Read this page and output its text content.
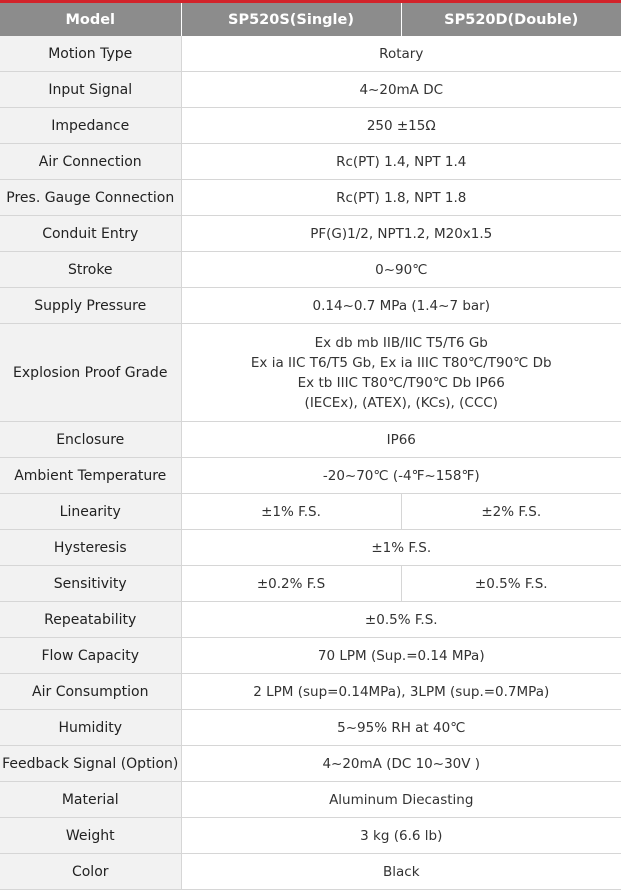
Model	SP520S(Single)	SP520D(Double)
Motion Type	Rotary	
Input Signal	4~20mA DC	
Impedance	250 ±15Ω	
Air Connection	Rc(PT) 1.4, NPT 1.4	
Pres. Gauge Connection	Rc(PT) 1.8, NPT 1.8	
Conduit Entry	PF(G)1/2, NPT1.2, M20x1.5	
Stroke	0~90℃	
Supply Pressure	0.14~0.7 MPa (1.4~7 bar)	
Explosion Proof Grade	Ex db mb IIB/IIC T5/T6 Gb
Ex ia IIC T6/T5 Gb, Ex ia IIIC T80℃/T90℃ Db
Ex tb IIIC T80℃/T90℃ Db IP66
(IECEx), (ATEX), (KCs), (CCC)	

Enclosure	IP66	
Ambient Temperature	-20~70℃ (-4℉~158℉)	
Linearity	±1% F.S.	±2% F.S.
Hysteresis	±1% F.S.	
Sensitivity	±0.2% F.S	±0.5% F.S.
Repeatability	±0.5% F.S.	
Flow Capacity	70 LPM (Sup.=0.14 MPa)	
Air Consumption	2 LPM (sup=0.14MPa), 3LPM (sup.=0.7MPa)	
Humidity	5~95% RH at 40℃	
Feedback Signal (Option)	4~20mA (DC 10~30V )	
Material	Aluminum Diecasting	
Weight	3 kg (6.6 lb)	
Color	Black	
